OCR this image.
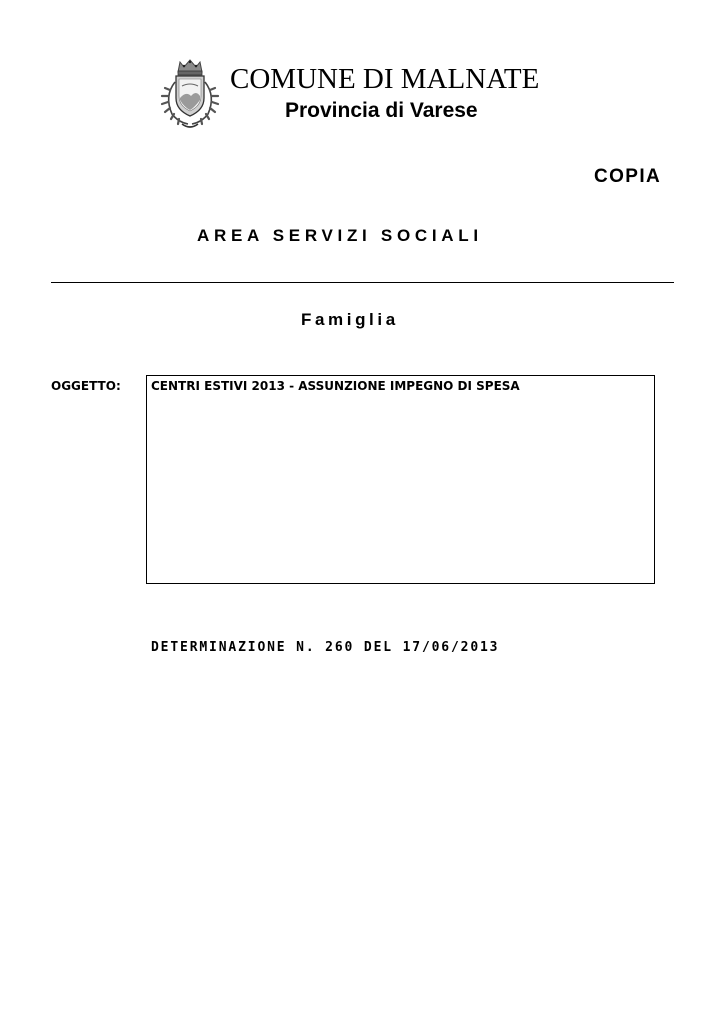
COMUNE DI MALNATE
Provincia di Varese
COPIA
AREA SERVIZI SOCIALI
Famiglia
OGGETTO:	CENTRI ESTIVI 2013 - ASSUNZIONE IMPEGNO DI SPESA
DETERMINAZIONE N. 260 DEL 17/06/2013
